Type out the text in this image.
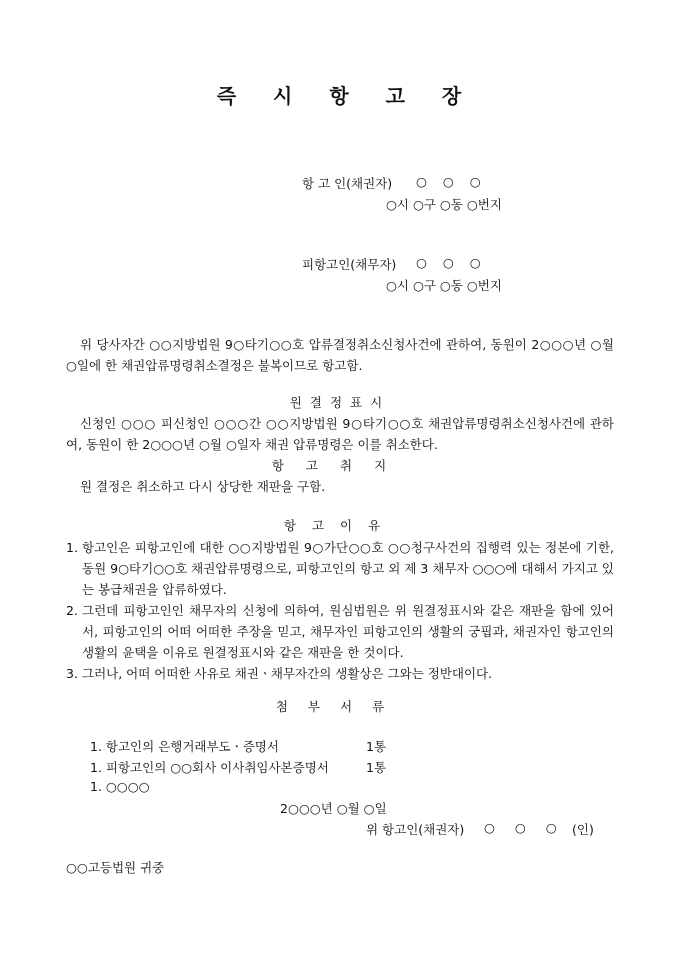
즉 시 항 고 장
항 고 인(채권자) ○ ○ ○
○시 ○구 ○동 ○번지
피항고인(채무자) ○ ○ ○
○시 ○구 ○동 ○번지
위 당사자간 ○○지방법원 9○타기○○호 압류결정취소신청사건에 관하여, 동원이 2○○○년 ○월 ○일에 한 채권압류명령취소결정은 불복이므로 항고함.
원결정표시
신청인 ○○○ 피신청인 ○○○간 ○○지방법원 9○타기○○호 채권압류명령취소신청사건에 관하여, 동원이 한 2○○○년 ○월 ○일자 채권 압류명령은 이를 취소한다.
항고취지
원 결정은 취소하고 다시 상당한 재판을 구함.
항고이유
1. 항고인은 피항고인에 대한 ○○지방법원 9○가단○○호 ○○청구사건의 집행력 있는 정본에 기한, 동원 9○타기○○호 채권압류명령으로, 피항고인의 항고 외 제 3 채무자 ○○○에 대해서 가지고 있는 봉급채권을 압류하였다.
2. 그런데 피항고인인 채무자의 신청에 의하여, 원심법원은 위 원결정표시와 같은 재판을 함에 있어서, 피항고인의 어떠 어떠한 주장을 믿고, 채무자인 피항고인의 생활의 궁핍과, 채권자인 항고인의 생활의 윤택을 이유로 원결정표시와 같은 재판을 한 것이다.
3. 그러나, 어떠 어떠한 사유로 채권ㆍ채무자간의 생활상은 그와는 정반대이다.
첨부서류
1. 항고인의 은행거래부도ㆍ증명서	1통
1. 피항고인의 ○○회사 이사취임사본증명서	1통
1. ○○○○
2○○○년 ○월 ○일
위 항고인(채권자) ○ ○ ○ (인)
○○고등법원 귀중
